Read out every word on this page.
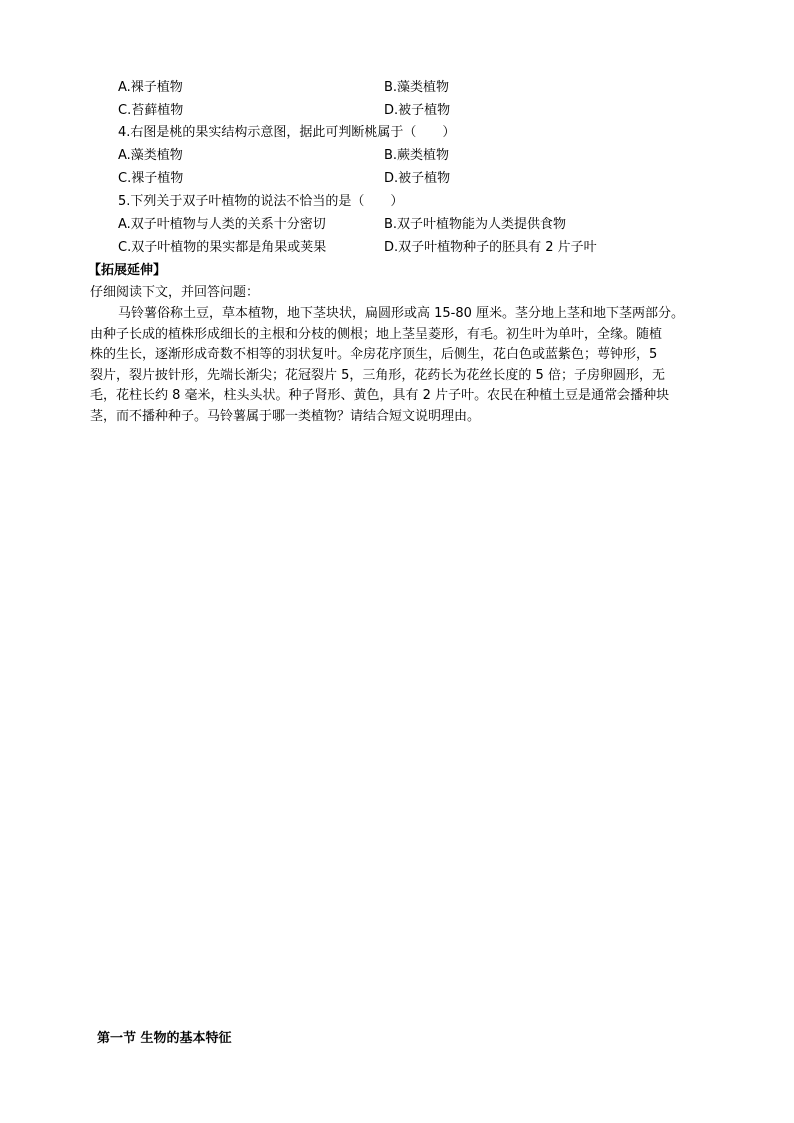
A.裸子植物	B.藻类植物
C.苔藓植物	D.被子植物
4.右图是桃的果实结构示意图，据此可判断桃属于（　　）
A.藻类植物	B.蕨类植物
C.裸子植物	D.被子植物
5.下列关于双子叶植物的说法不恰当的是（　　）
A.双子叶植物与人类的关系十分密切	B.双子叶植物能为人类提供食物
C.双子叶植物的果实都是角果或荚果	D.双子叶植物种子的胚具有 2 片子叶
【拓展延伸】
仔细阅读下文，并回答问题：
马铃薯俗称土豆，草本植物，地下茎块状，扁圆形或高 15-80 厘米。茎分地上茎和地下茎两部分。
由种子长成的植株形成细长的主根和分枝的侧根；地上茎呈菱形，有毛。初生叶为单叶，全缘。随植
株的生长，逐渐形成奇数不相等的羽状复叶。伞房花序顶生，后侧生，花白色或蓝紫色；萼钟形，5
裂片，裂片披针形，先端长渐尖；花冠裂片 5，三角形，花药长为花丝长度的 5 倍；子房卵圆形，无
毛，花柱长约 8 毫米，柱头头状。种子肾形、黄色，具有 2 片子叶。农民在种植土豆是通常会播种块
茎，而不播种种子。马铃薯属于哪一类植物？请结合短文说明理由。
第一节 生物的基本特征
